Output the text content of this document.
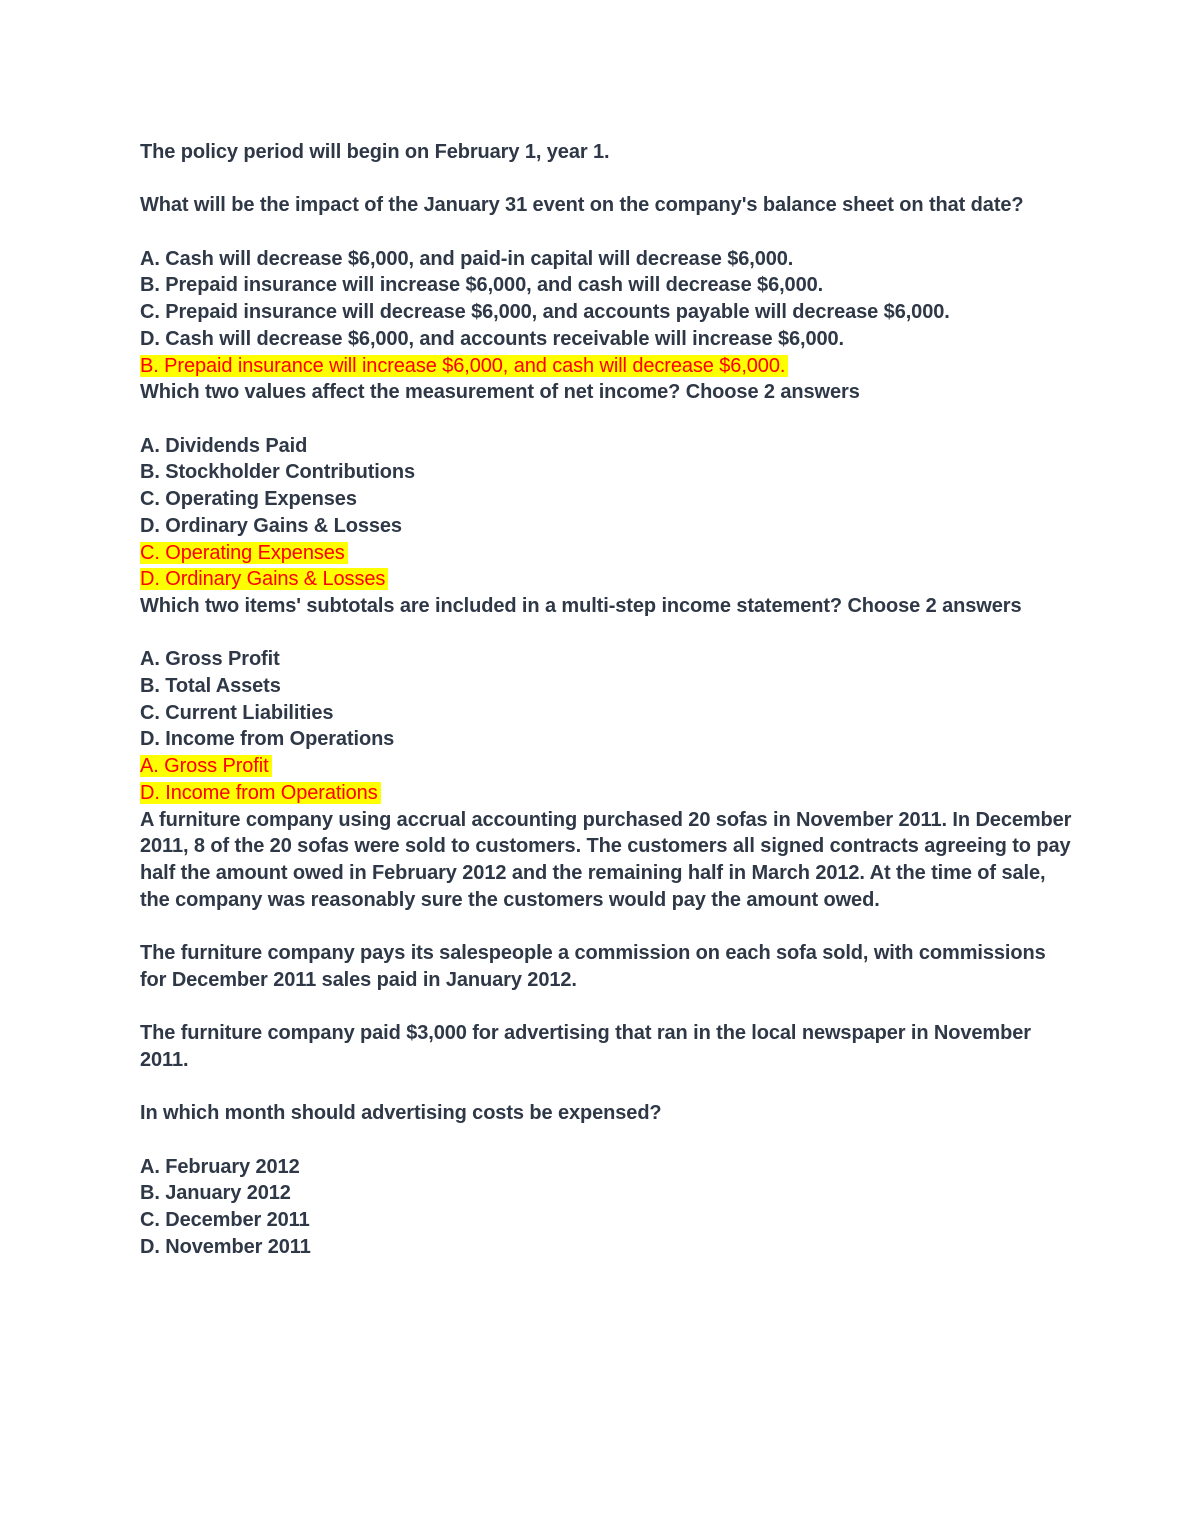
The policy period will begin on February 1, year 1.
What will be the impact of the January 31 event on the company's balance sheet on that date?
A. Cash will decrease $6,000, and paid-in capital will decrease $6,000.
B. Prepaid insurance will increase $6,000, and cash will decrease $6,000.
C. Prepaid insurance will decrease $6,000, and accounts payable will decrease $6,000.
D. Cash will decrease $6,000, and accounts receivable will increase $6,000.
B. Prepaid insurance will increase $6,000, and cash will decrease $6,000.
Which two values affect the measurement of net income? Choose 2 answers
A. Dividends Paid
B. Stockholder Contributions
C. Operating Expenses
D. Ordinary Gains & Losses
C. Operating Expenses
D. Ordinary Gains & Losses
Which two items' subtotals are included in a multi-step income statement? Choose 2 answers
A. Gross Profit
B. Total Assets
C. Current Liabilities
D. Income from Operations
A. Gross Profit
D. Income from Operations
A furniture company using accrual accounting purchased 20 sofas in November 2011. In December 2011, 8 of the 20 sofas were sold to customers. The customers all signed contracts agreeing to pay half the amount owed in February 2012 and the remaining half in March 2012. At the time of sale, the company was reasonably sure the customers would pay the amount owed.
The furniture company pays its salespeople a commission on each sofa sold, with commissions for December 2011 sales paid in January 2012.
The furniture company paid $3,000 for advertising that ran in the local newspaper in November 2011.
In which month should advertising costs be expensed?
A. February 2012
B. January 2012
C. December 2011
D. November 2011
